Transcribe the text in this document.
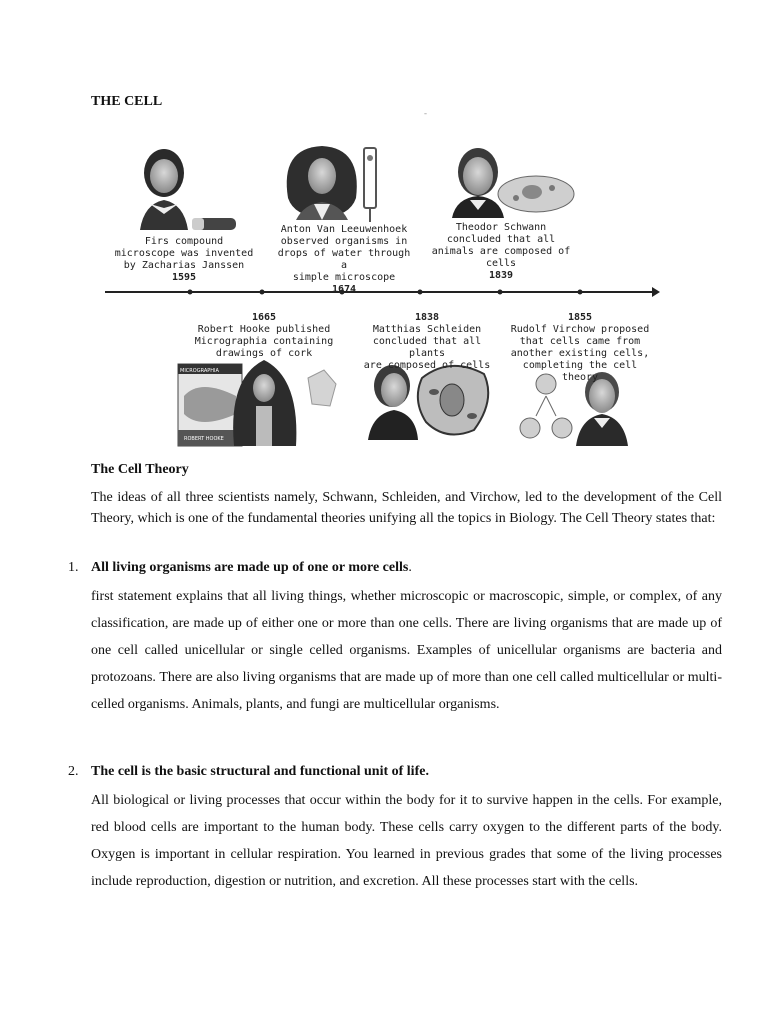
THE CELL
-
MICROGRAPHIA
ROBERT HOOKE
Firs compound
microscope was invented
by Zacharias Janssen
1595
Anton Van Leeuwenhoek
observed organisms in
drops of water through a
simple microscope
1674
Theodor Schwann
concluded that all
animals are composed of
cells
1839
1665
Robert Hooke published
Micrographia containing
drawings of cork
1838
Matthias Schleiden
concluded that all plants
are composed of cells
1855
Rudolf Virchow proposed
that cells came from
another existing cells,
completing the cell theory
The Cell Theory
The ideas of all three scientists namely, Schwann, Schleiden, and Virchow, led to the development of the Cell Theory, which is one of the fundamental theories unifying all the topics in Biology. The Cell Theory states that:
1. All living organisms are made up of one or more cells.
first statement explains that all living things, whether microscopic or macroscopic, simple, or complex, of any classification, are made up of either one or more than one cells. There are living organisms that are made up of one cell called unicellular or single celled organisms. Examples of unicellular organisms are bacteria and protozoans. There are also living organisms that are made up of more than one cell called multicellular or multi-celled organisms. Animals, plants, and fungi are multicellular organisms.
2. The cell is the basic structural and functional unit of life.
All biological or living processes that occur within the body for it to survive happen in the cells. For example, red blood cells are important to the human body. These cells carry oxygen to the different parts of the body. Oxygen is important in cellular respiration. You learned in previous grades that some of the living processes include reproduction, digestion or nutrition, and excretion. All these processes start with the cells.
